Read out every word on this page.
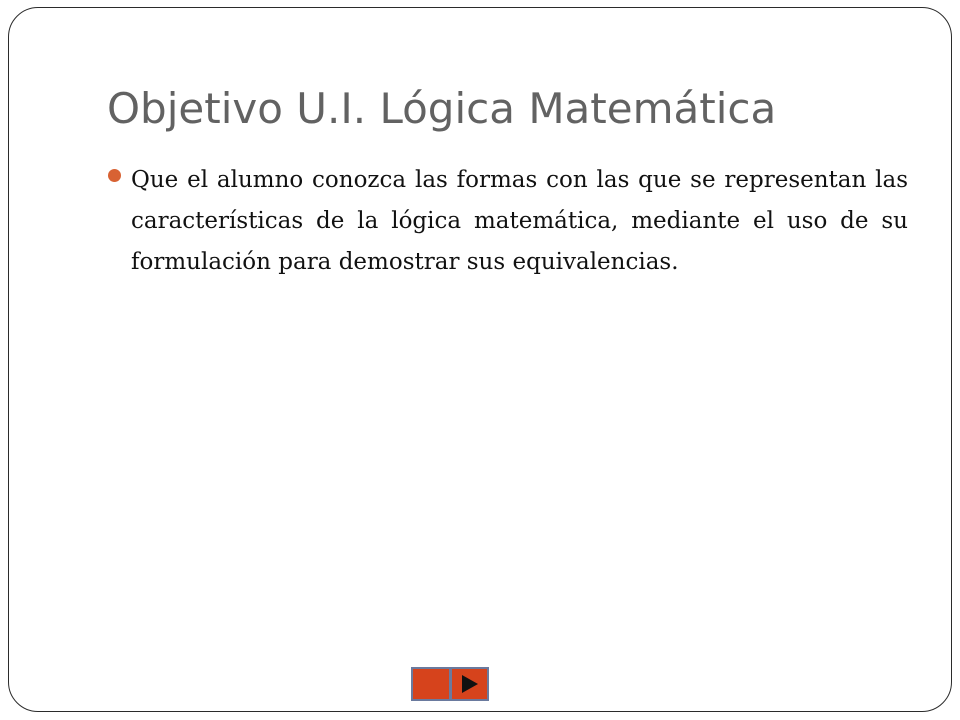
Objetivo U.I. Lógica Matemática
Que el alumno conozca las formas con las que se representan las características de la lógica matemática, mediante el uso de su formulación para demostrar sus equivalencias.
